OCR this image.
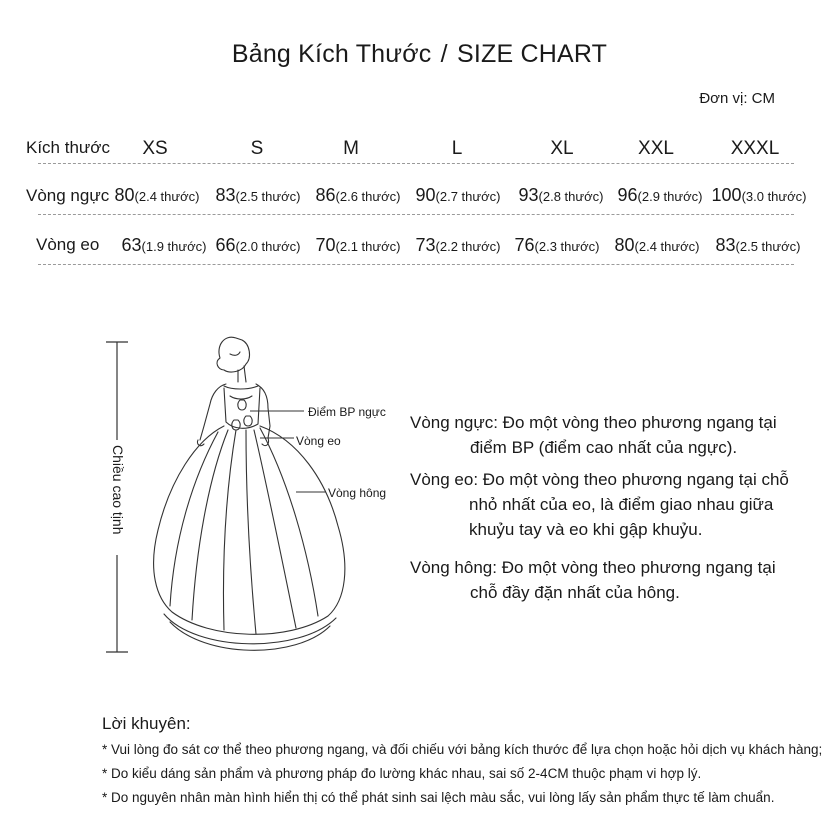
Bảng Kích Thước / SIZE CHART
Đơn vị: CM
Kích thước	XS	S	M	L	XL	XXL	XXXL
Vòng ngực 80(2.4 thước) 83(2.5 thước) 86(2.6 thước) 90(2.7 thước)	93(2.8 thước) 96(2.9 thước) 100(3.0 thước)
Vòng eo	63(1.9 thước) 66(2.0 thước) 70(2.1 thước) 73(2.2 thước) 76(2.3 thước) 80(2.4 thước) 83(2.5 thước)
Chiều cao tịnh
Điểm BP ngực
Vòng eo
Vòng hông
Vòng ngực: Đo một vòng theo phương ngang tại
điểm BP (điểm cao nhất của ngực).
Vòng eo: Đo một vòng theo phương ngang tại chỗ
nhỏ nhất của eo, là điểm giao nhau giữa
khuỷu tay và eo khi gập khuỷu.
Vòng hông: Đo một vòng theo phương ngang tại
chỗ đầy đặn nhất của hông.
Lời khuyên:
* Vui lòng đo sát cơ thể theo phương ngang, và đối chiếu với bảng kích thước để lựa chọn hoặc hỏi dịch vụ khách hàng;
* Do kiểu dáng sản phẩm và phương pháp đo lường khác nhau, sai số 2-4CM thuộc phạm vi hợp lý.
* Do nguyên nhân màn hình hiển thị có thể phát sinh sai lệch màu sắc, vui lòng lấy sản phẩm thực tế làm chuẩn.
